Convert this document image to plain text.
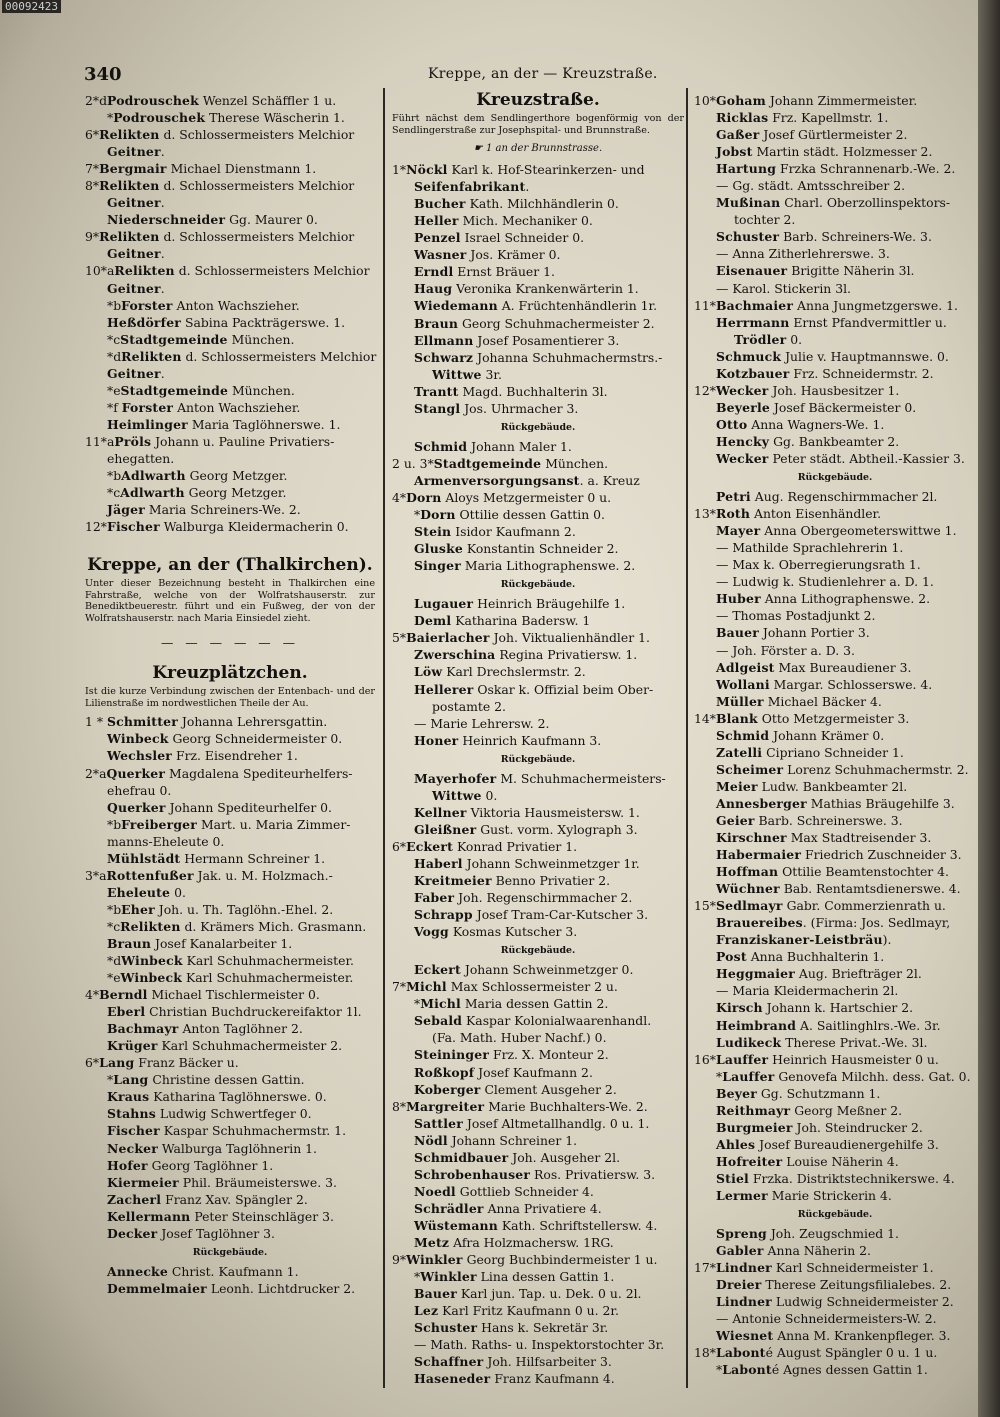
00092423
340	Kreppe, an der — Kreuzstraße.
2*dPodrouschek Wenzel Schäffler 1 u.
*Podrouschek Therese Wäscherin 1.
6*Relikten d. Schlossermeisters Melchior
Geitner.
7*Bergmair Michael Dienstmann 1.
8*Relikten d. Schlossermeisters Melchior
Geitner.
Niederschneider Gg. Maurer 0.
9*Relikten d. Schlossermeisters Melchior
Geitner.
10*aRelikten d. Schlossermeisters Melchior
Geitner.
*bForster Anton Wachszieher.
Heßdörfer Sabina Packträgerswe. 1.
*cStadtgemeinde München.
*dRelikten d. Schlossermeisters Melchior
Geitner.
*eStadtgemeinde München.
*f Forster Anton Wachszieher.
Heimlinger Maria Taglöhnerswe. 1.
11*aPröls Johann u. Pauline Privatiers-
ehegatten.
*bAdlwarth Georg Metzger.
*cAdlwarth Georg Metzger.
Jäger Maria Schreiners-We. 2.
12*Fischer Walburga Kleidermacherin 0.
Kreppe, an der (Thalkirchen).
Unter dieser Bezeichnung besteht in Thalkirchen eine Fahrstraße, welche von der Wolfratshauserstr. zur Benediktbeuerestr. führt und ein Fußweg, der von der Wolfratshauserstr. nach Maria Einsiedel zieht.
— — — — — —
Kreuzplätzchen.
Ist die kurze Verbindung zwischen der Entenbach- und der Lilienstraße im nordwestlichen Theile der Au.
1 * Schmitter Johanna Lehrersgattin.
Winbeck Georg Schneidermeister 0.
Wechsler Frz. Eisendreher 1.
2*aQuerker Magdalena Spediteurhelfers-
ehefrau 0.
Querker Johann Spediteurhelfer 0.
*bFreiberger Mart. u. Maria Zimmer-
manns-Eheleute 0.
Mühlstädt Hermann Schreiner 1.
3*aRottenfußer Jak. u. M. Holzmach.-
Eheleute 0.
*bEher Joh. u. Th. Taglöhn.-Ehel. 2.
*cRelikten d. Krämers Mich. Grasmann.
Braun Josef Kanalarbeiter 1.
*dWinbeck Karl Schuhmachermeister.
*eWinbeck Karl Schuhmachermeister.
4*Berndl Michael Tischlermeister 0.
Eberl Christian Buchdruckereifaktor 1l.
Bachmayr Anton Taglöhner 2.
Krüger Karl Schuhmachermeister 2.
6*Lang Franz Bäcker u.
*Lang Christine dessen Gattin.
Kraus Katharina Taglöhnerswe. 0.
Stahns Ludwig Schwertfeger 0.
Fischer Kaspar Schuhmachermstr. 1.
Necker Walburga Taglöhnerin 1.
Hofer Georg Taglöhner 1.
Kiermeier Phil. Bräumeisterswe. 3.
Zacherl Franz Xav. Spängler 2.
Kellermann Peter Steinschläger 3.
Decker Josef Taglöhner 3.
Rückgebäude.
Annecke Christ. Kaufmann 1.
Demmelmaier Leonh. Lichtdrucker 2.
Kreuzstraße.
Führt nächst dem Sendlingerthore bogenförmig von der Sendlingerstraße zur Josephspital- und Brunnstraße.
☛ 1 an der Brunnstrasse.
1*Nöckl Karl k. Hof-Stearinkerzen- und
Seifenfabrikant.
Bucher Kath. Milchhändlerin 0.
Heller Mich. Mechaniker 0.
Penzel Israel Schneider 0.
Wasner Jos. Krämer 0.
Erndl Ernst Bräuer 1.
Haug Veronika Krankenwärterin 1.
Wiedemann A. Früchtenhändlerin 1r.
Braun Georg Schuhmachermeister 2.
Ellmann Josef Posamentierer 3.
Schwarz Johanna Schuhmachermstrs.-
Wittwe 3r.
Trantt Magd. Buchhalterin 3l.
Stangl Jos. Uhrmacher 3.
Rückgebäude.
Schmid Johann Maler 1.
2 u. 3*Stadtgemeinde München.
Armenversorgungsanst. a. Kreuz
4*Dorn Aloys Metzgermeister 0 u.
*Dorn Ottilie dessen Gattin 0.
Stein Isidor Kaufmann 2.
Gluske Konstantin Schneider 2.
Singer Maria Lithographenswe. 2.
Rückgebäude.
Lugauer Heinrich Bräugehilfe 1.
Deml Katharina Badersw. 1
5*Baierlacher Joh. Viktualienhändler 1.
Zwerschina Regina Privatiersw. 1.
Löw Karl Drechslermstr. 2.
Hellerer Oskar k. Offizial beim Ober-
postamte 2.
— Marie Lehrersw. 2.
Honer Heinrich Kaufmann 3.
Rückgebäude.
Mayerhofer M. Schuhmachermeisters-
Wittwe 0.
Kellner Viktoria Hausmeistersw. 1.
Gleißner Gust. vorm. Xylograph 3.
6*Eckert Konrad Privatier 1.
Haberl Johann Schweinmetzger 1r.
Kreitmeier Benno Privatier 2.
Faber Joh. Regenschirmmacher 2.
Schrapp Josef Tram-Car-Kutscher 3.
Vogg Kosmas Kutscher 3.
Rückgebäude.
Eckert Johann Schweinmetzger 0.
7*Michl Max Schlossermeister 2 u.
*Michl Maria dessen Gattin 2.
Sebald Kaspar Kolonialwaarenhandl.
(Fa. Math. Huber Nachf.) 0.
Steininger Frz. X. Monteur 2.
Roßkopf Josef Kaufmann 2.
Koberger Clement Ausgeher 2.
8*Margreiter Marie Buchhalters-We. 2.
Sattler Josef Altmetallhandlg. 0 u. 1.
Nödl Johann Schreiner 1.
Schmidbauer Joh. Ausgeher 2l.
Schrobenhauser Ros. Privatiersw. 3.
Noedl Gottlieb Schneider 4.
Schrädler Anna Privatiere 4.
Wüstemann Kath. Schriftstellersw. 4.
Metz Afra Holzmachersw. 1RG.
9*Winkler Georg Buchbindermeister 1 u.
*Winkler Lina dessen Gattin 1.
Bauer Karl jun. Tap. u. Dek. 0 u. 2l.
Lez Karl Fritz Kaufmann 0 u. 2r.
Schuster Hans k. Sekretär 3r.
— Math. Raths- u. Inspektorstochter 3r.
Schaffner Joh. Hilfsarbeiter 3.
Haseneder Franz Kaufmann 4.
10*Goham Johann Zimmermeister.
Ricklas Frz. Kapellmstr. 1.
Gaßer Josef Gürtlermeister 2.
Jobst Martin städt. Holzmesser 2.
Hartung Frzka Schrannenarb.-We. 2.
— Gg. städt. Amtsschreiber 2.
Mußinan Charl. Oberzollinspektors-
tochter 2.
Schuster Barb. Schreiners-We. 3.
— Anna Zitherlehrerswe. 3.
Eisenauer Brigitte Näherin 3l.
— Karol. Stickerin 3l.
11*Bachmaier Anna Jungmetzgerswe. 1.
Herrmann Ernst Pfandvermittler u.
Trödler 0.
Schmuck Julie v. Hauptmannswe. 0.
Kotzbauer Frz. Schneidermstr. 2.
12*Wecker Joh. Hausbesitzer 1.
Beyerle Josef Bäckermeister 0.
Otto Anna Wagners-We. 1.
Hencky Gg. Bankbeamter 2.
Wecker Peter städt. Abtheil.-Kassier 3.
Rückgebäude.
Petri Aug. Regenschirmmacher 2l.
13*Roth Anton Eisenhändler.
Mayer Anna Obergeometerswittwe 1.
— Mathilde Sprachlehrerin 1.
— Max k. Oberregierungsrath 1.
— Ludwig k. Studienlehrer a. D. 1.
Huber Anna Lithographenswe. 2.
— Thomas Postadjunkt 2.
Bauer Johann Portier 3.
— Joh. Förster a. D. 3.
Adlgeist Max Bureaudiener 3.
Wollani Margar. Schlosserswe. 4.
Müller Michael Bäcker 4.
14*Blank Otto Metzgermeister 3.
Schmid Johann Krämer 0.
Zatelli Cipriano Schneider 1.
Scheimer Lorenz Schuhmachermstr. 2.
Meier Ludw. Bankbeamter 2l.
Annesberger Mathias Bräugehilfe 3.
Geier Barb. Schreinerswe. 3.
Kirschner Max Stadtreisender 3.
Habermaier Friedrich Zuschneider 3.
Hoffman Ottilie Beamtenstochter 4.
Wüchner Bab. Rentamtsdienerswe. 4.
15*Sedlmayr Gabr. Commerzienrath u.
Brauereibes. (Firma: Jos. Sedlmayr,
Franziskaner-Leistbräu).
Post Anna Buchhalterin 1.
Heggmaier Aug. Briefträger 2l.
— Maria Kleidermacherin 2l.
Kirsch Johann k. Hartschier 2.
Heimbrand A. Saitlinghlrs.-We. 3r.
Ludikeck Therese Privat.-We. 3l.
16*Lauffer Heinrich Hausmeister 0 u.
*Lauffer Genovefa Milchh. dess. Gat. 0.
Beyer Gg. Schutzmann 1.
Reithmayr Georg Meßner 2.
Burgmeier Joh. Steindrucker 2.
Ahles Josef Bureaudienergehilfe 3.
Hofreiter Louise Näherin 4.
Stiel Frzka. Distriktstechnikerswe. 4.
Lermer Marie Strickerin 4.
Rückgebäude.
Spreng Joh. Zeugschmied 1.
Gabler Anna Näherin 2.
17*Lindner Karl Schneidermeister 1.
Dreier Therese Zeitungsfilialebes. 2.
Lindner Ludwig Schneidermeister 2.
— Antonie Schneidermeisters-W. 2.
Wiesnet Anna M. Krankenpfleger. 3.
18*Labonté August Spängler 0 u. 1 u.
*Labonté Agnes dessen Gattin 1.
